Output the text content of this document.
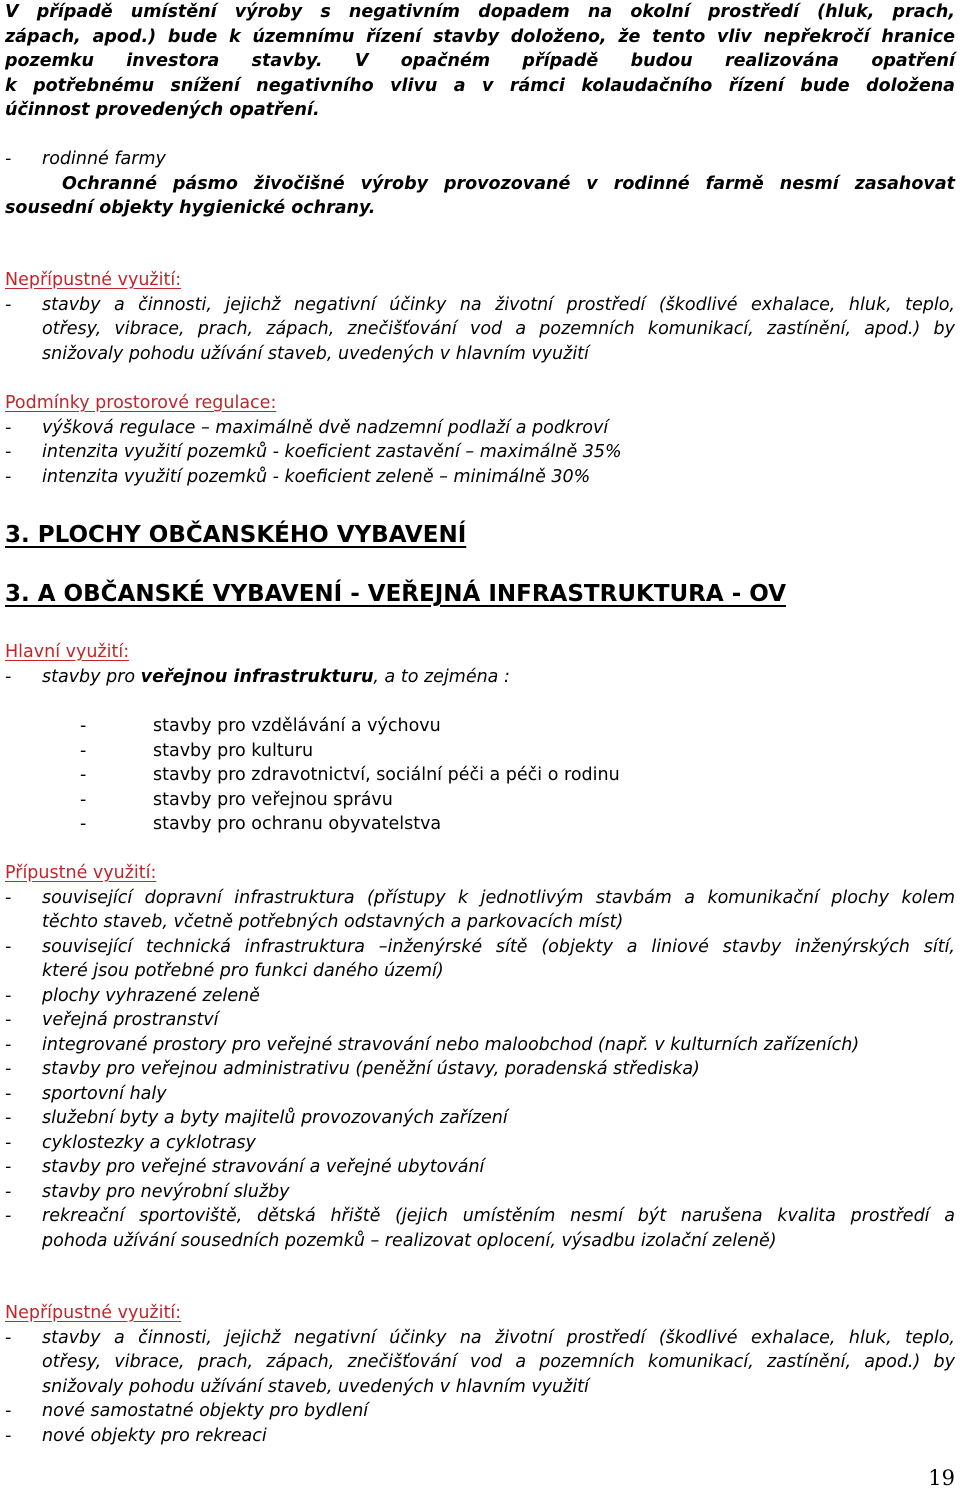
V případě umístění výroby s negativním dopadem na okolní prostředí (hluk, prach,

zápach, apod.) bude k územnímu řízení stavby doloženo, že tento vliv nepřekročí hranice

pozemku investora stavby. V opačném případě budou realizována opatření

k potřebnému snížení negativního vlivu a v rámci kolaudačního řízení bude doložena

účinnost provedených opatření.

- rodinné farmy

Ochranné pásmo živočišné výroby provozované v rodinné farmě nesmí zasahovat

sousední objekty hygienické ochrany.

Nepřípustné využití:

- stavby a činnosti, jejichž negativní účinky na životní prostředí (škodlivé exhalace, hluk, teplo,

otřesy, vibrace, prach, zápach, znečišťování vod a pozemních komunikací, zastínění, apod.) by

snižovaly pohodu užívání staveb, uvedených v hlavním využití

Podmínky prostorové regulace:

- výšková regulace – maximálně dvě nadzemní podlaží a podkroví
- intenzita využití pozemků - koeficient zastavění – maximálně 35%
- intenzita využití pozemků - koeficient zeleně – minimálně 30%

3. PLOCHY OBČANSKÉHO VYBAVENÍ

3. A OBČANSKÉ VYBAVENÍ - VEŘEJNÁ INFRASTRUKTURA - OV

Hlavní využití:

- stavby pro veřejnou infrastrukturu, a to zejména :
-	stavby pro vzdělávání a výchovu
-	stavby pro kulturu
-	stavby pro zdravotnictví, sociální péči a péči o rodinu
-	stavby pro veřejnou správu
-	stavby pro ochranu obyvatelstva

Přípustné využití:

- související dopravní infrastruktura (přístupy k jednotlivým stavbám a komunikační plochy kolem

těchto staveb, včetně potřebných odstavných a parkovacích míst)

- související technická infrastruktura –inženýrské sítě (objekty a liniové stavby inženýrských sítí,

které jsou potřebné pro funkci daného území)

- plochy vyhrazené zeleně

- veřejná prostranství

- integrované prostory pro veřejné stravování nebo maloobchod (např. v kulturních zařízeních)

- stavby pro veřejnou administrativu (peněžní ústavy, poradenská střediska)

- sportovní haly

- služební byty a byty majitelů provozovaných zařízení

- cyklostezky a cyklotrasy

- stavby pro veřejné stravování a veřejné ubytování

- stavby pro nevýrobní služby

- rekreační sportoviště, dětská hřiště (jejich umístěním nesmí být narušena kvalita prostředí a

pohoda užívání sousedních pozemků – realizovat oplocení, výsadbu izolační zeleně)

Nepřípustné využití:

- stavby a činnosti, jejichž negativní účinky na životní prostředí (škodlivé exhalace, hluk, teplo,

otřesy, vibrace, prach, zápach, znečišťování vod a pozemních komunikací, zastínění, apod.) by

snižovaly pohodu užívání staveb, uvedených v hlavním využití

- nové samostatné objekty pro bydlení

- nové objekty pro rekreaci

19
